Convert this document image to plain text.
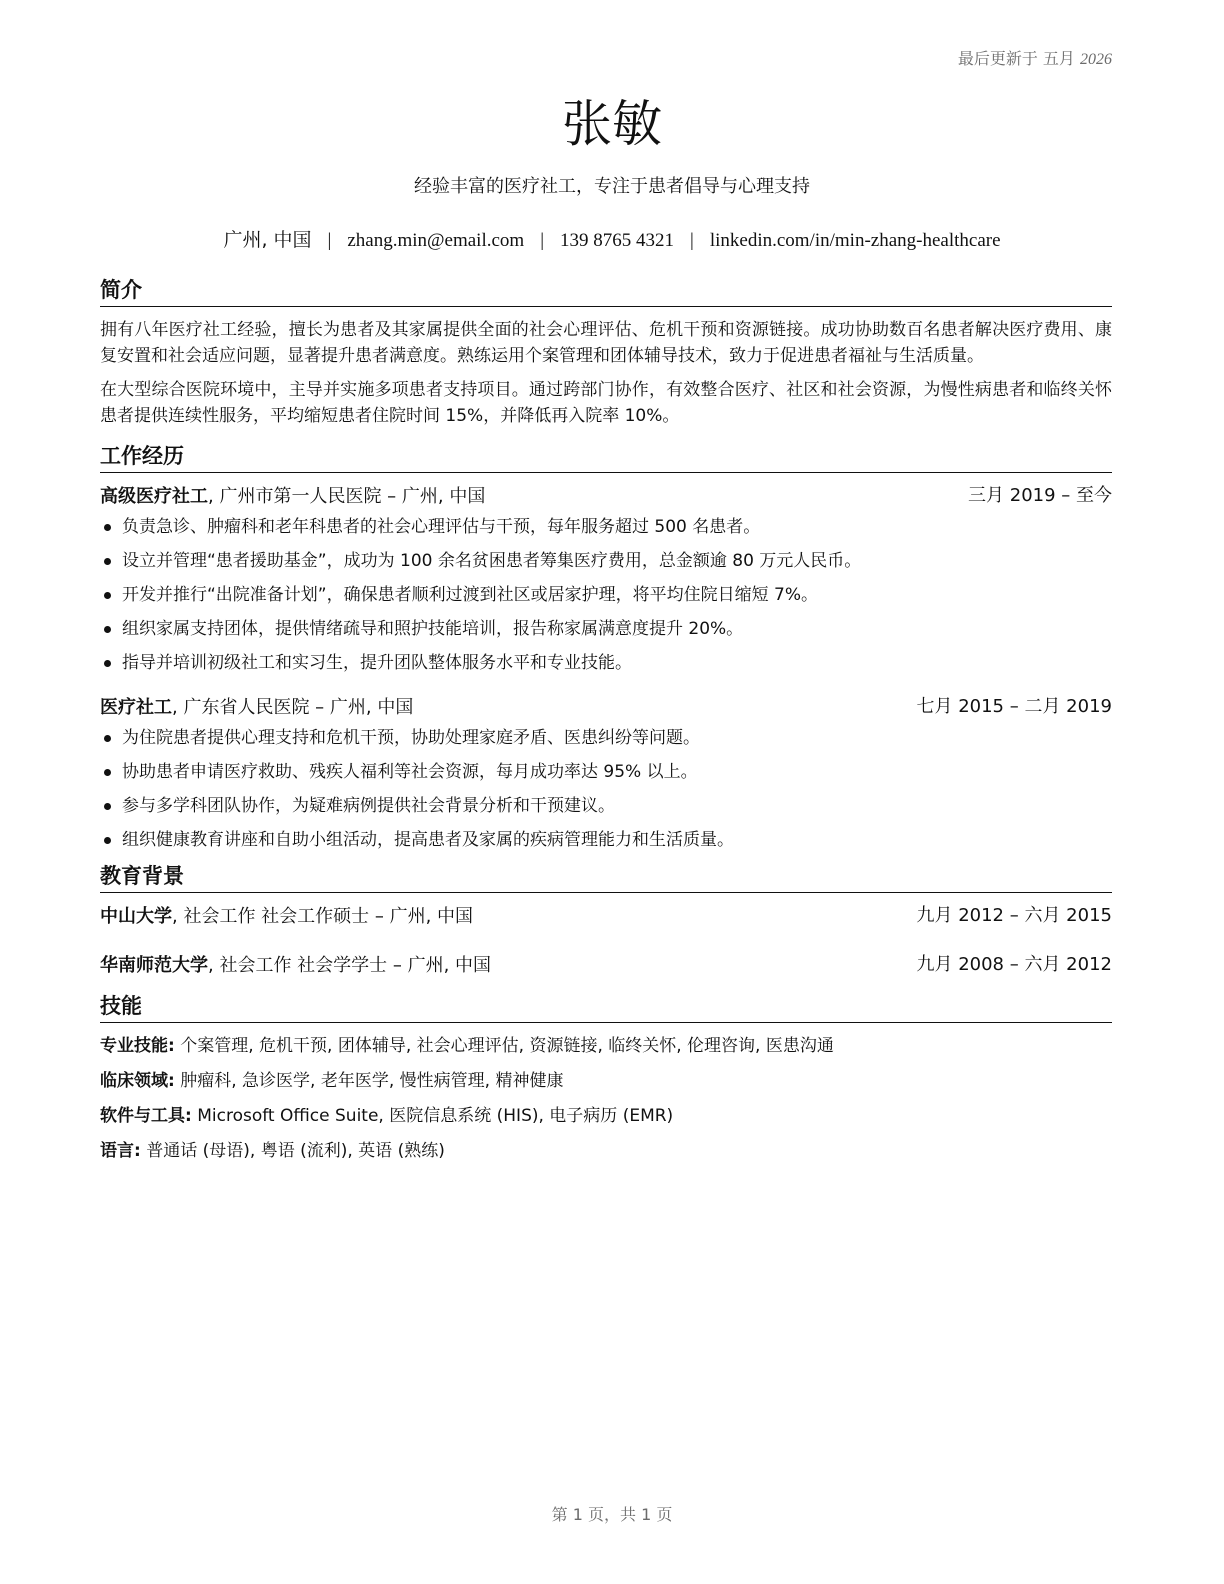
最后更新于 五月 2026
张敏
经验丰富的医疗社工，专注于患者倡导与心理支持
广州, 中国 | zhang.min@email.com | 139 8765 4321 | linkedin.com/in/min-zhang-healthcare
简介

拥有八年医疗社工经验，擅长为患者及其家属提供全面的社会心理评估、危机干预和资源链接。成功协助数百名患者解决医疗费用、康复安置和社会适应问题，显著提升患者满意度。熟练运用个案管理和团体辅导技术，致力于促进患者福祉与生活质量。

在大型综合医院环境中，主导并实施多项患者支持项目。通过跨部门协作，有效整合医疗、社区和社会资源，为慢性病患者和临终关怀患者提供连续性服务，平均缩短患者住院时间 15%，并降低再入院率 10%。

工作经历
高级医疗社工, 广州市第一人民医院 – 广州, 中国	三月 2019 – 至今
负责急诊、肿瘤科和老年科患者的社会心理评估与干预，每年服务超过 500 名患者。
设立并管理“患者援助基金”，成功为 100 余名贫困患者筹集医疗费用，总金额逾 80 万元人民币。
开发并推行“出院准备计划”，确保患者顺利过渡到社区或居家护理，将平均住院日缩短 7%。
组织家属支持团体，提供情绪疏导和照护技能培训，报告称家属满意度提升 20%。
指导并培训初级社工和实习生，提升团队整体服务水平和专业技能。
医疗社工, 广东省人民医院 – 广州, 中国	七月 2015 – 二月 2019
为住院患者提供心理支持和危机干预，协助处理家庭矛盾、医患纠纷等问题。
协助患者申请医疗救助、残疾人福利等社会资源，每月成功率达 95% 以上。
参与多学科团队协作，为疑难病例提供社会背景分析和干预建议。
组织健康教育讲座和自助小组活动，提高患者及家属的疾病管理能力和生活质量。
教育背景
中山大学, 社会工作 社会工作硕士 – 广州, 中国	九月 2012 – 六月 2015
华南师范大学, 社会工作 社会学学士 – 广州, 中国	九月 2008 – 六月 2012
技能
专业技能: 个案管理, 危机干预, 团体辅导, 社会心理评估, 资源链接, 临终关怀, 伦理咨询, 医患沟通
临床领域: 肿瘤科, 急诊医学, 老年医学, 慢性病管理, 精神健康
软件与工具: Microsoft Office Suite, 医院信息系统 (HIS), 电子病历 (EMR)
语言: 普通话 (母语), 粤语 (流利), 英语 (熟练)
第 1 页，共 1 页
